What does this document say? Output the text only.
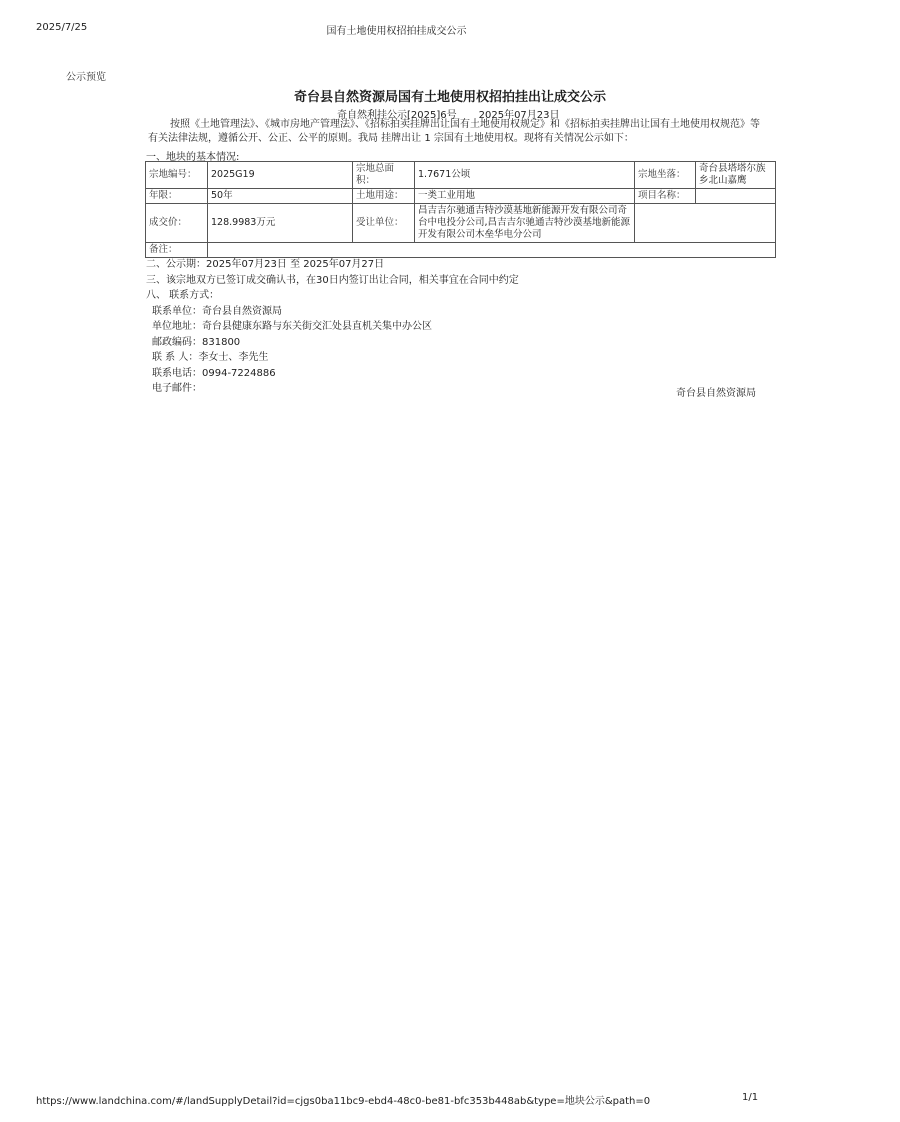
2025/7/25	国有土地使用权招拍挂成交公示
公示预览
奇台县自然资源局国有土地使用权招拍挂出让成交公示
奇自然利挂公示[2025]6号 2025年07月23日
按照《土地管理法》、《城市房地产管理法》、《招标拍卖挂牌出让国有土地使用权规定》和《招标拍卖挂牌出让国有土地使用权规范》等有关法律法规，遵循公开、公正、公平的原则。我局 挂牌出让 1 宗国有土地使用权。现将有关情况公示如下：
一、地块的基本情况:
宗地编号：	2025G19	宗地总面积：	1.7671公顷	宗地坐落：	奇台县塔塔尔族乡北山嘉鹰
年限：	50年	土地用途：	一类工业用地	项目名称：	
成交价：	128.9983万元	受让单位：	昌吉吉尔驰通吉特沙漠基地新能源开发有限公司奇台中电投分公司,昌吉吉尔驰通吉特沙漠基地新能源开发有限公司木垒华电分公司		
备注：					
二、公示期：2025年07月23日 至 2025年07月27日
三、该宗地双方已签订成交确认书，在30日内签订出让合同，相关事宜在合同中约定
八、 联系方式：
联系单位：奇台县自然资源局
单位地址：奇台县健康东路与东关街交汇处县直机关集中办公区
邮政编码：831800
联 系 人：李女士、李先生
联系电话：0994-7224886
电子邮件：	奇台县自然资源局
https://www.landchina.com/#/landSupplyDetail?id=cjgs0ba11bc9-ebd4-48c0-be81-bfc353b448ab&type=地块公示&path=0	1/1
